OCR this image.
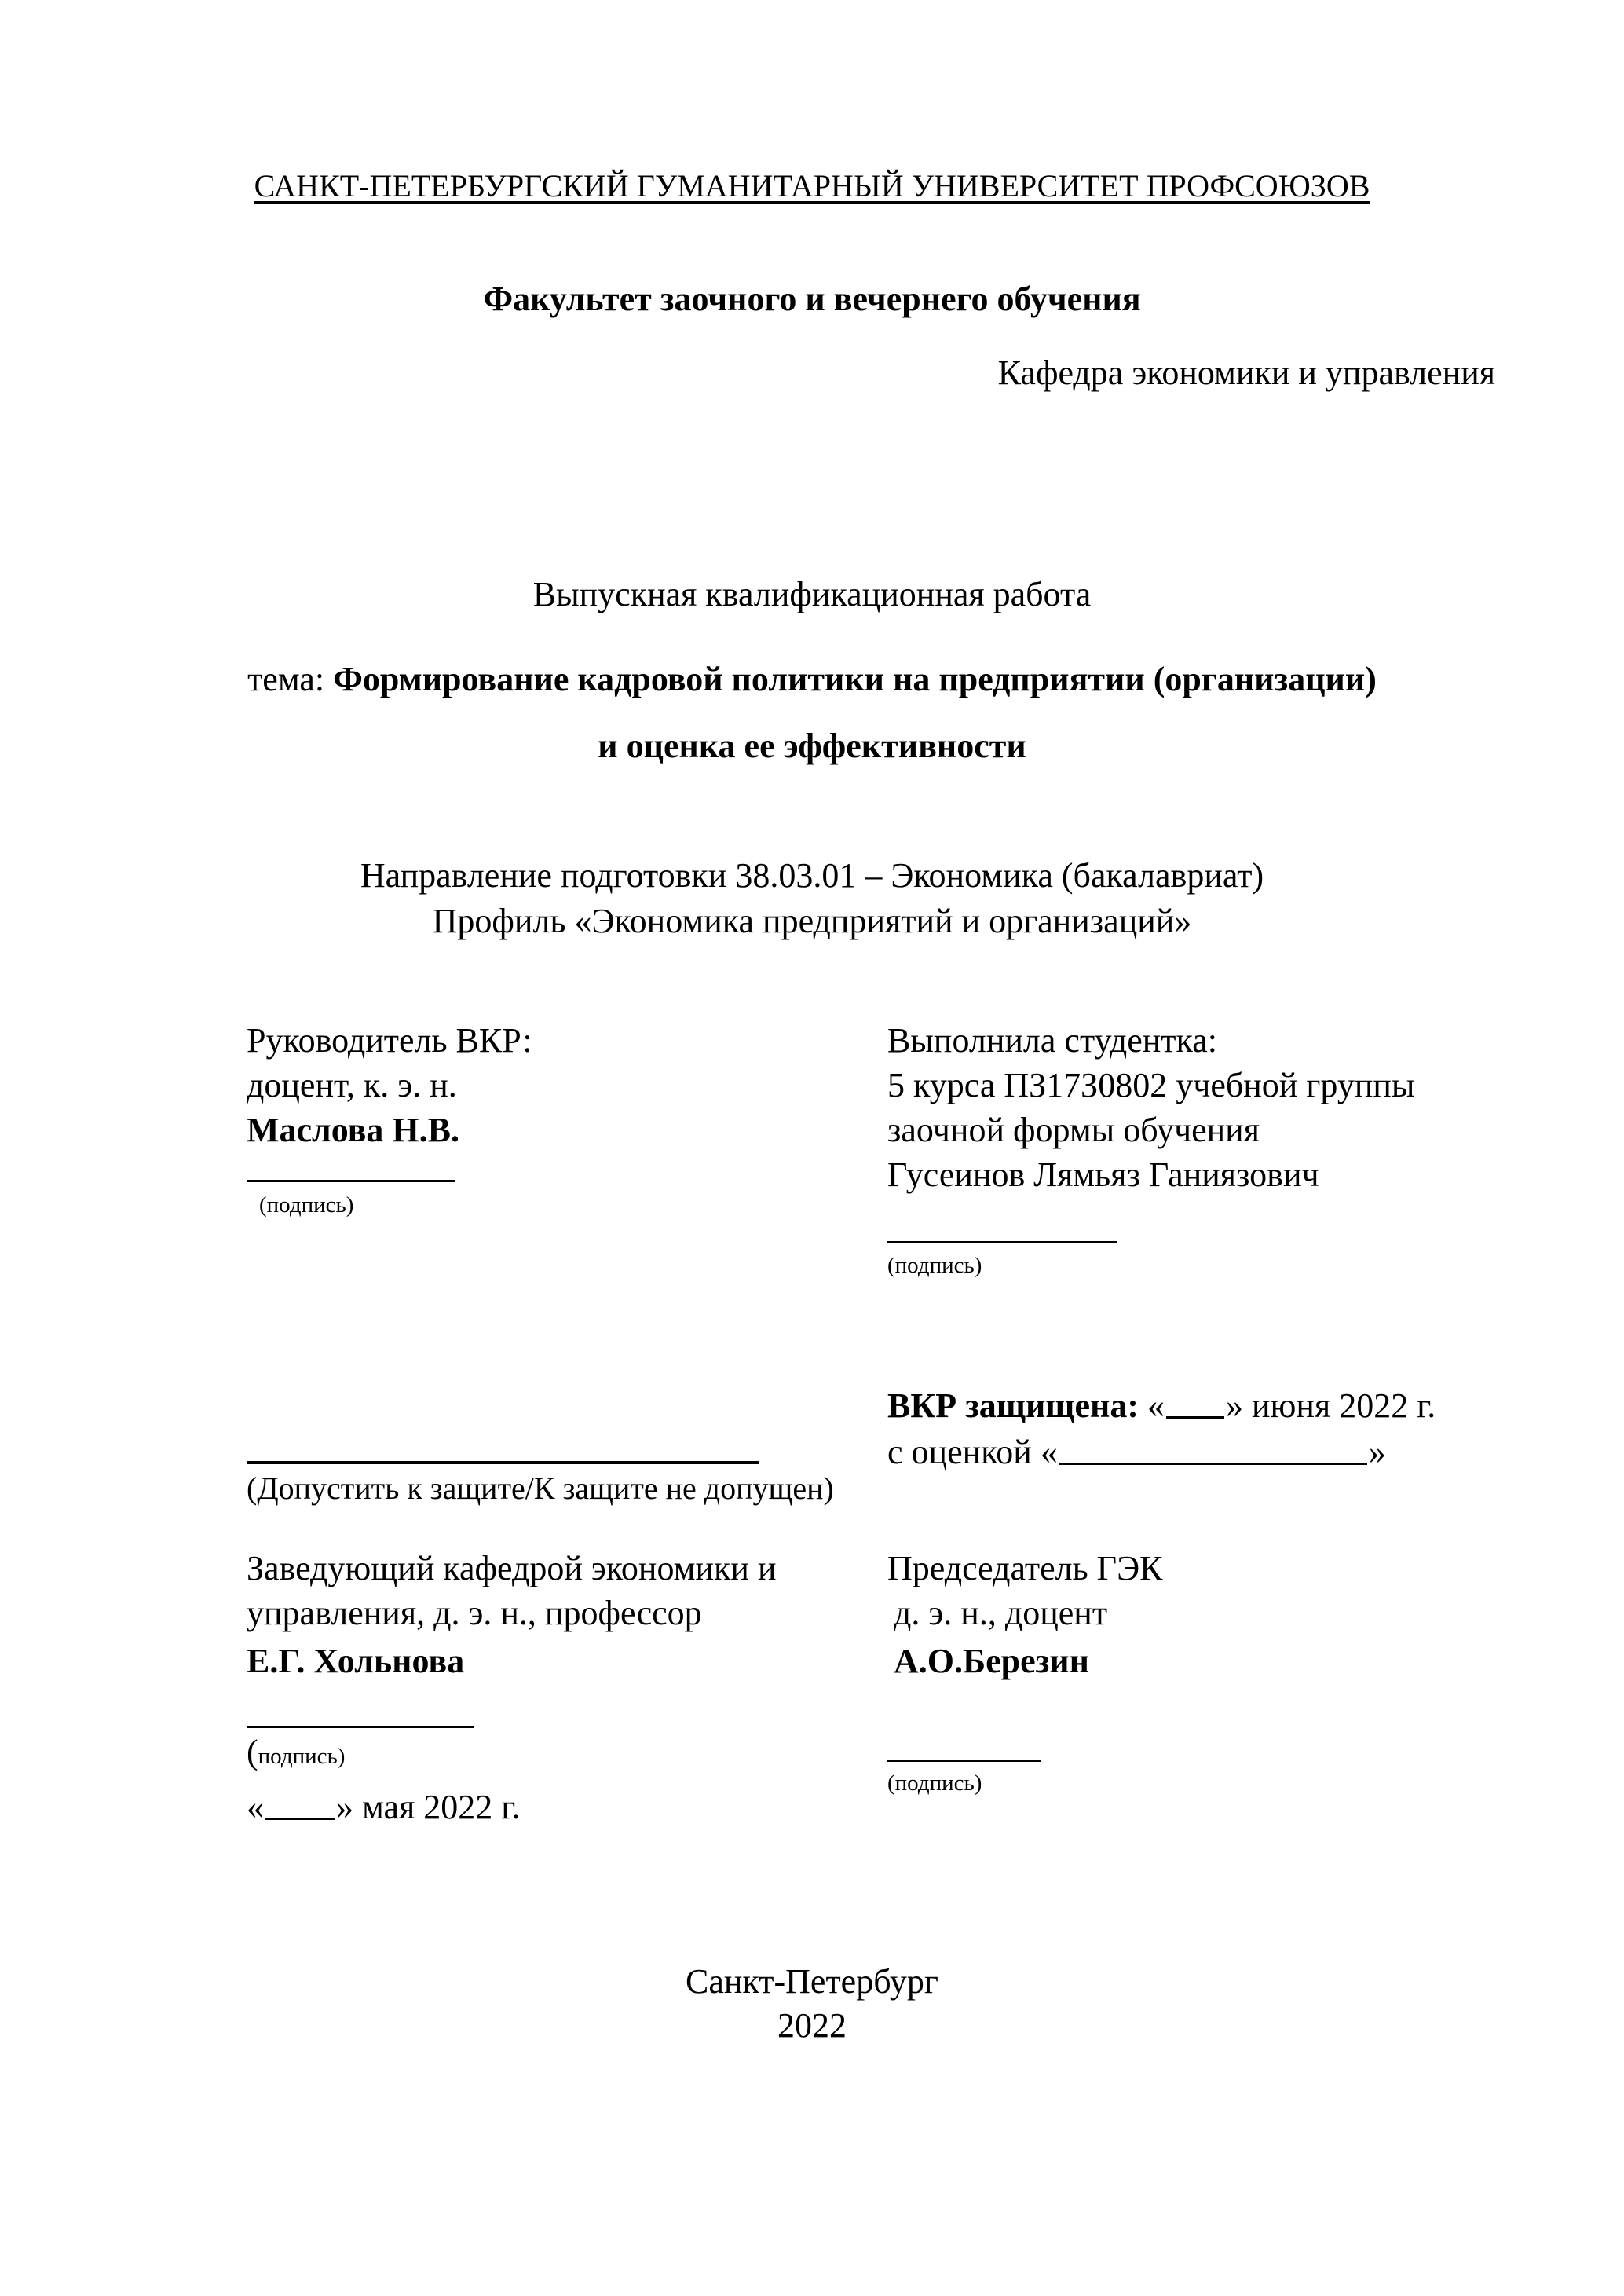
САНКТ-ПЕТЕРБУРГСКИЙ ГУМАНИТАРНЫЙ УНИВЕРСИТЕТ ПРОФСОЮЗОВ
Факультет заочного и вечернего обучения
Кафедра экономики и управления
Выпускная квалификационная работа
тема: Формирование кадровой политики на предприятии (организации)
и оценка ее эффективности
Направление подготовки 38.03.01 – Экономика (бакалавриат)
Профиль «Экономика предприятий и организаций»
Руководитель ВКР:
доцент, к. э. н.
Маслова Н.В.
(подпись)
Выполнила студентка:
5 курса ПЗ17З0802 учебной группы
заочной формы обучения
Гусеинов Лямьяз Ганиязович
(подпись)
ВКР защищена: « » июня 2022 г.
с оценкой «	»
(Допустить к защите/К защите не допущен)
Заведующий кафедрой экономики и
управления, д. э. н., профессор
Е.Г. Хольнова
(подпись)
« » мая 2022 г.
Председатель ГЭК
д. э. н., доцент
А.О.Березин
(подпись)
Санкт-Петербург
2022
